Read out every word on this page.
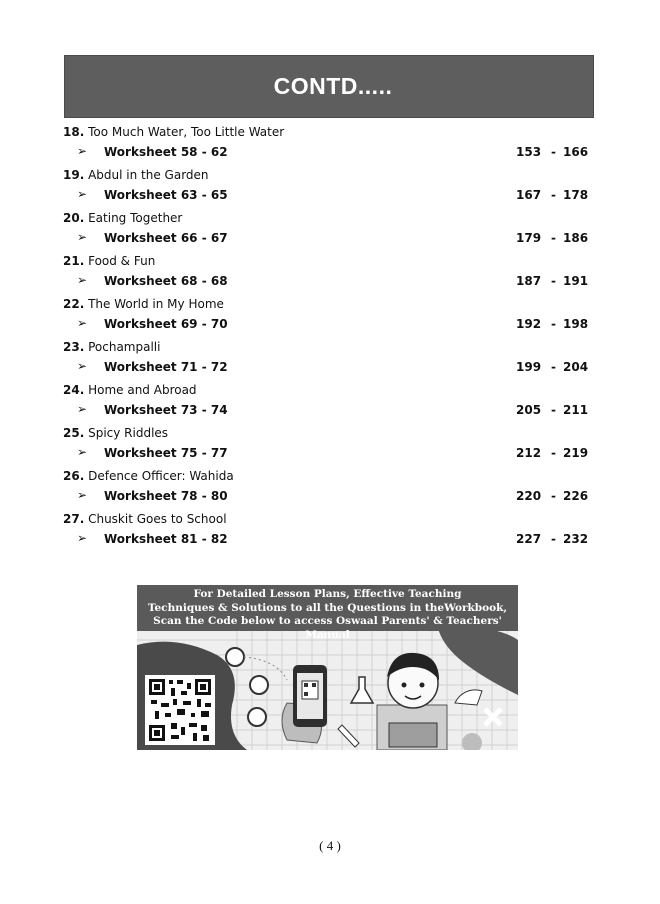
CONTD.....
18. Too Much Water, Too Little Water
➢ Worksheet 58 - 62	153 - 166
19. Abdul in the Garden
➢ Worksheet 63 - 65	167 - 178
20. Eating Together
➢ Worksheet 66 - 67	179 - 186
21. Food & Fun
➢ Worksheet 68 - 68	187 - 191
22. The World in My Home
➢ Worksheet 69 - 70	192 - 198
23. Pochampalli
➢ Worksheet 71 - 72	199 - 204
24. Home and Abroad
➢ Worksheet 73 - 74	205 - 211
25. Spicy Riddles
➢ Worksheet 75 - 77	212 - 219
26. Defence Officer: Wahida
➢ Worksheet 78 - 80	220 - 226
27. Chuskit Goes to School
➢ Worksheet 81 - 82	227 - 232
For Detailed Lesson Plans, Effective Teaching
Techniques & Solutions to all the Questions in theWorkbook,
Scan the Code below to access Oswaal Parents' & Teachers' Manual
( 4 )
